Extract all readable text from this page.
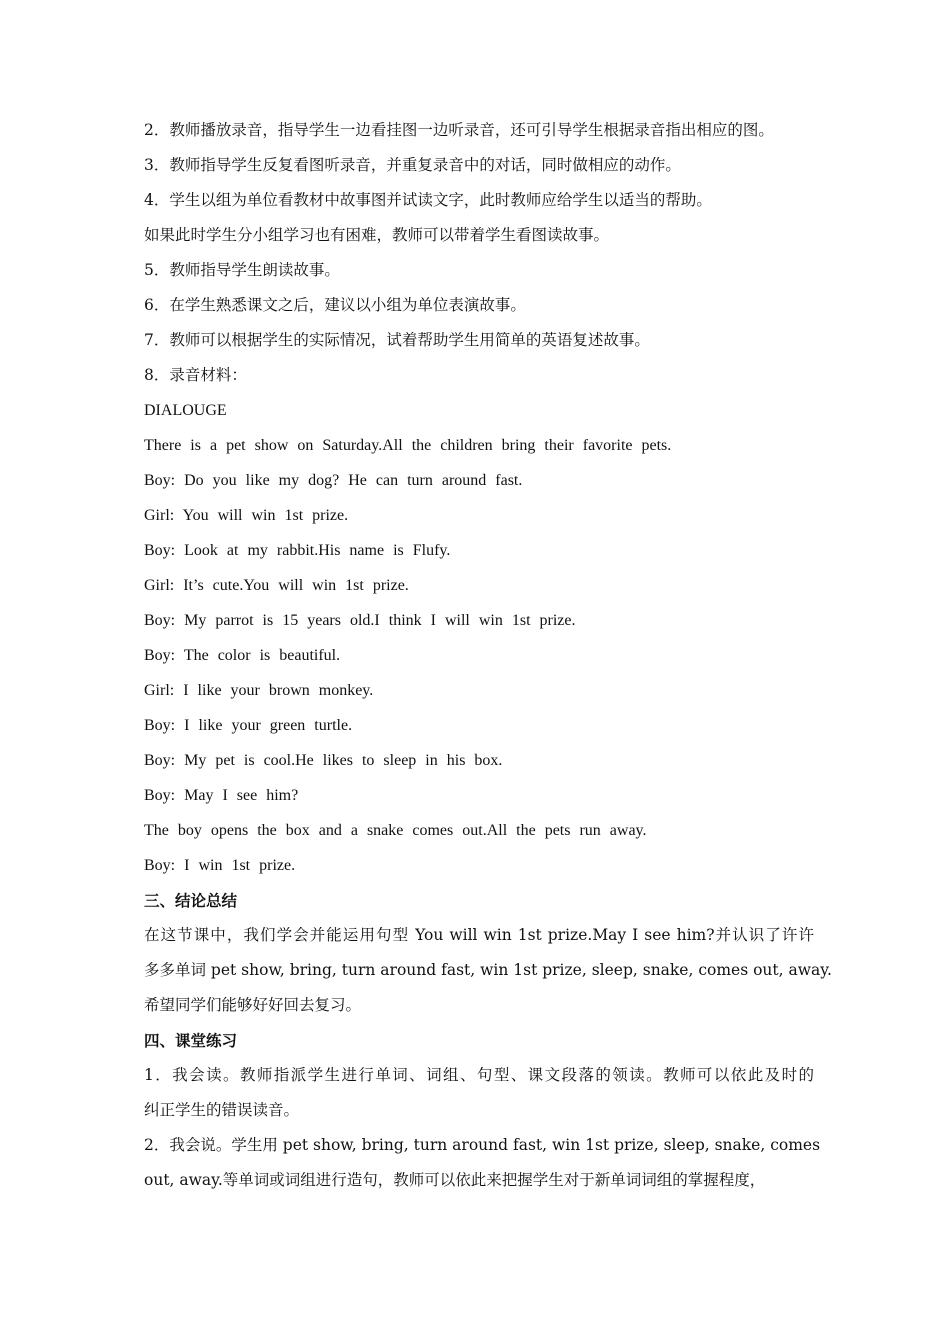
2．教师播放录音，指导学生一边看挂图一边听录音，还可引导学生根据录音指出相应的图。
3．教师指导学生反复看图听录音，并重复录音中的对话，同时做相应的动作。
4．学生以组为单位看教材中故事图并试读文字，此时教师应给学生以适当的帮助。
如果此时学生分小组学习也有困难，教师可以带着学生看图读故事。
5．教师指导学生朗读故事。
6．在学生熟悉课文之后，建议以小组为单位表演故事。
7．教师可以根据学生的实际情况，试着帮助学生用简单的英语复述故事。
8．录音材料：
DIALOUGE
There is a pet show on Saturday.All the children bring their favorite pets.
Boy: Do you like my dog? He can turn around fast.
Girl: You will win 1st prize.
Boy: Look at my rabbit.His name is Flufy.
Girl: It’s cute.You will win 1st prize.
Boy: My parrot is 15 years old.I think I will win 1st prize.
Boy: The color is beautiful.
Girl: I like your brown monkey.
Boy: I like your green turtle.
Boy: My pet is cool.He likes to sleep in his box.
Boy: May I see him?
The boy opens the box and a snake comes out.All the pets run away.
Boy: I win 1st prize.
三、结论总结
在这节课中，我们学会并能运用句型 You will win 1st prize.May I see him?并认识了许许
多多单词 pet show, bring, turn around fast, win 1st prize, sleep, snake, comes out, away.
希望同学们能够好好回去复习。
四、课堂练习
1．我会读。教师指派学生进行单词、词组、句型、课文段落的领读。教师可以依此及时的
纠正学生的错误读音。
2．我会说。学生用 pet show, bring, turn around fast, win 1st prize, sleep, snake, comes
out, away.等单词或词组进行造句，教师可以依此来把握学生对于新单词词组的掌握程度，
